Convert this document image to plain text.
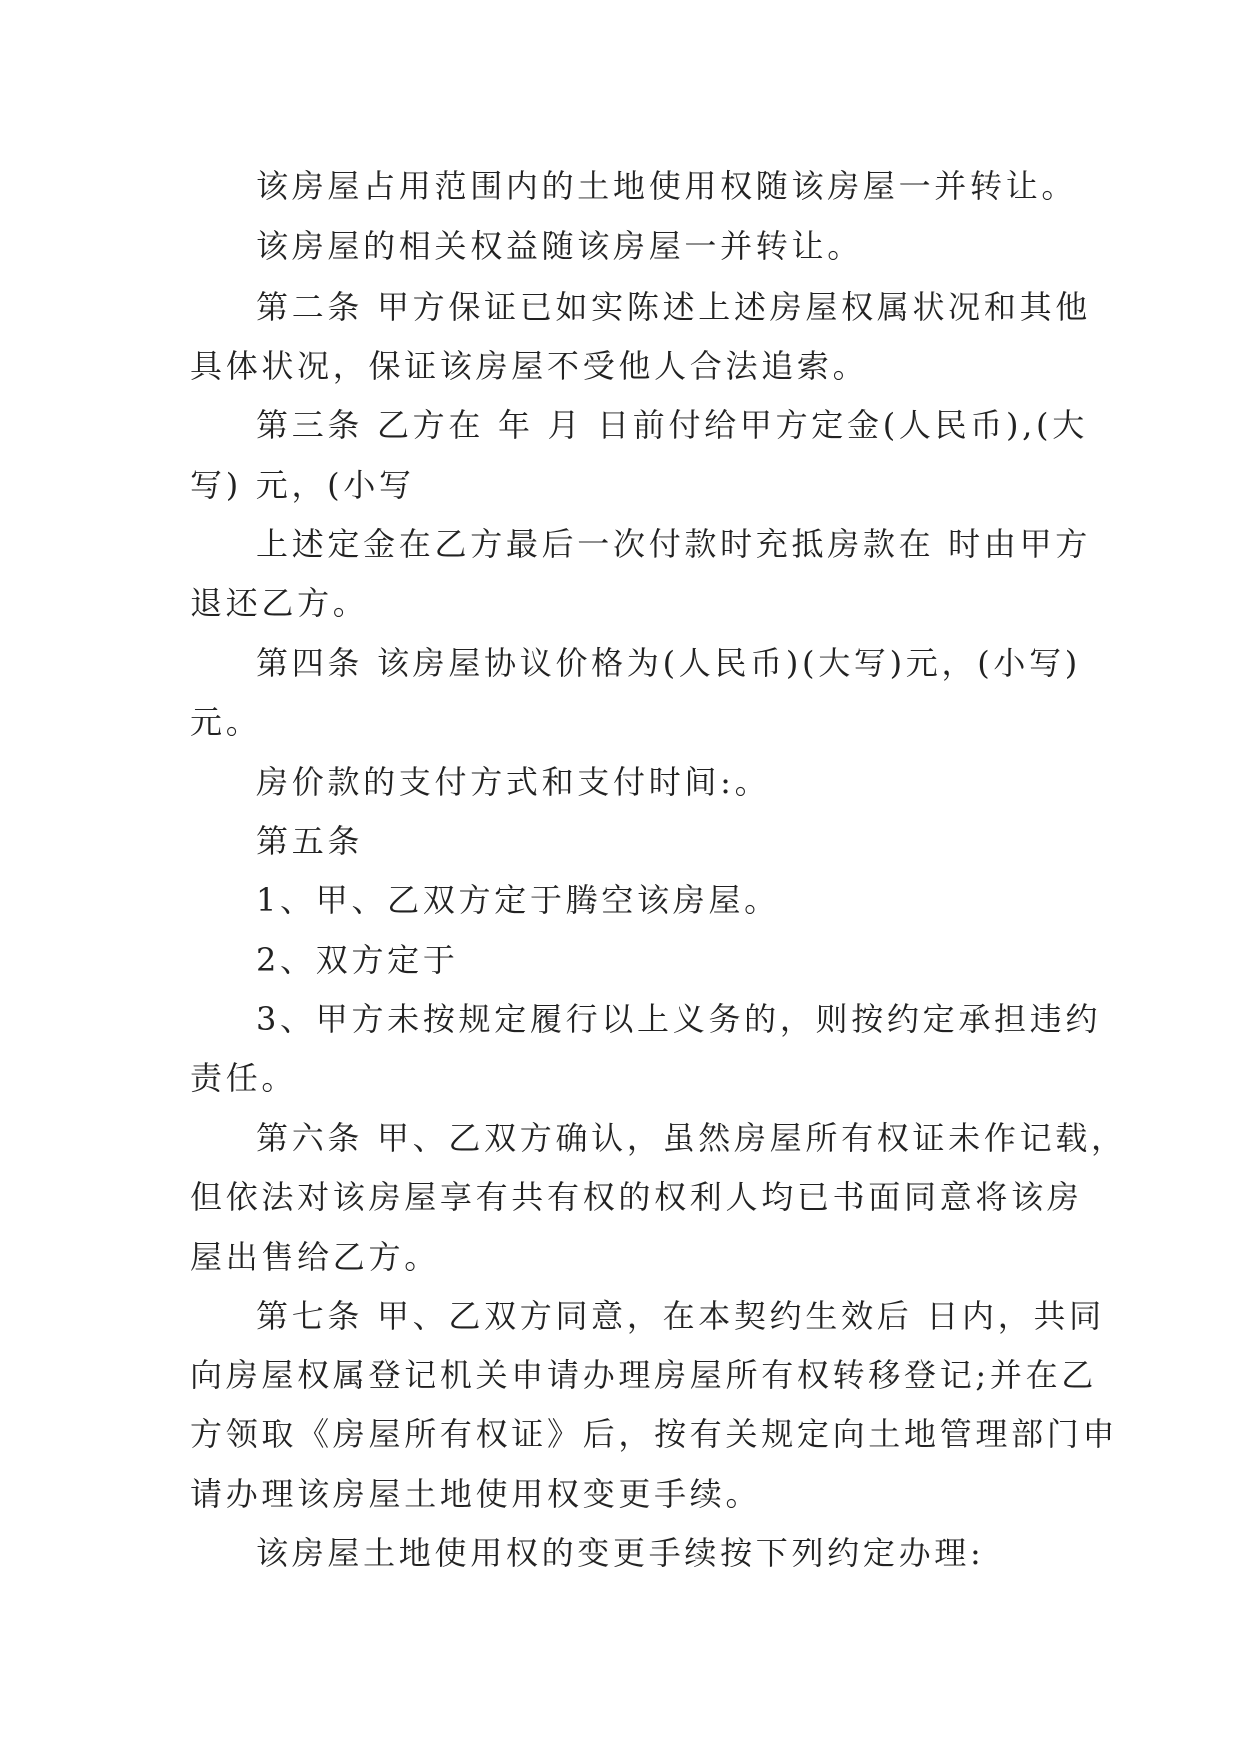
该房屋占用范围内的土地使用权随该房屋一并转让。
该房屋的相关权益随该房屋一并转让。
第二条 甲方保证已如实陈述上述房屋权属状况和其他
具体状况，保证该房屋不受他人合法追索。
第三条 乙方在 年 月 日前付给甲方定金(人民币),(大
写) 元，(小写
上述定金在乙方最后一次付款时充抵房款在 时由甲方
退还乙方。
第四条 该房屋协议价格为(人民币)(大写)元，(小写)
元。
房价款的支付方式和支付时间:。
第五条
1、甲、乙双方定于腾空该房屋。
2、双方定于
3、甲方未按规定履行以上义务的，则按约定承担违约
责任。
第六条 甲、乙双方确认，虽然房屋所有权证未作记载，
但依法对该房屋享有共有权的权利人均已书面同意将该房
屋出售给乙方。
第七条 甲、乙双方同意，在本契约生效后 日内，共同
向房屋权属登记机关申请办理房屋所有权转移登记;并在乙
方领取《房屋所有权证》后，按有关规定向土地管理部门申
请办理该房屋土地使用权变更手续。
该房屋土地使用权的变更手续按下列约定办理:
